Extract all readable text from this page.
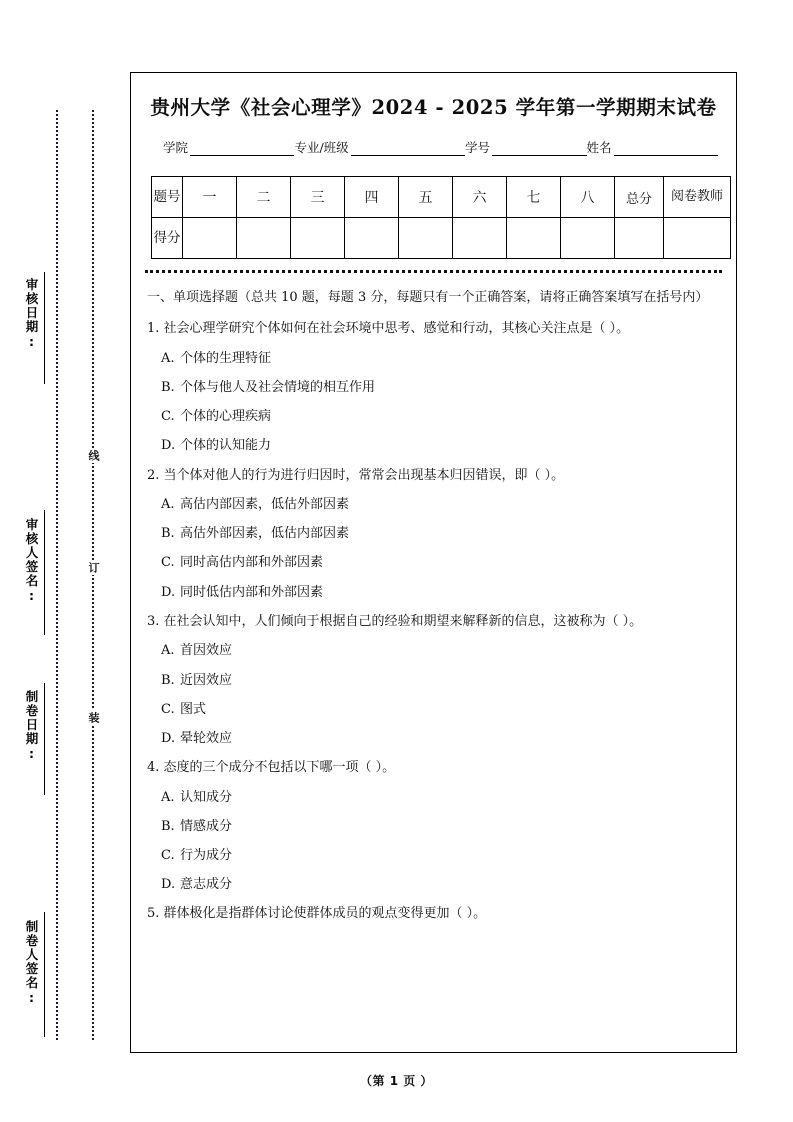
审核日期:
审核人签名:
制卷日期:
制卷人签名:
线
订
装
贵州大学《社会心理学》2024 - 2025 学年第一学期期末试卷
学院	专业/班级	学号	姓名
题号	一	二	三	四	五	六	七	八	总分	阅卷教师
得分										
一、单项选择题（总共 10 题，每题 3 分，每题只有一个正确答案，请将正确答案填写在括号内）
1. 社会心理学研究个体如何在社会环境中思考、感觉和行动，其核心关注点是（ ）。
A. 个体的生理特征
B. 个体与他人及社会情境的相互作用
C. 个体的心理疾病
D. 个体的认知能力
2. 当个体对他人的行为进行归因时，常常会出现基本归因错误，即（ ）。
A. 高估内部因素，低估外部因素
B. 高估外部因素，低估内部因素
C. 同时高估内部和外部因素
D. 同时低估内部和外部因素
3. 在社会认知中，人们倾向于根据自己的经验和期望来解释新的信息，这被称为（ ）。
A. 首因效应
B. 近因效应
C. 图式
D. 晕轮效应
4. 态度的三个成分不包括以下哪一项（ ）。
A. 认知成分
B. 情感成分
C. 行为成分
D. 意志成分
5. 群体极化是指群体讨论使群体成员的观点变得更加（ ）。
（第 1 页 ）
